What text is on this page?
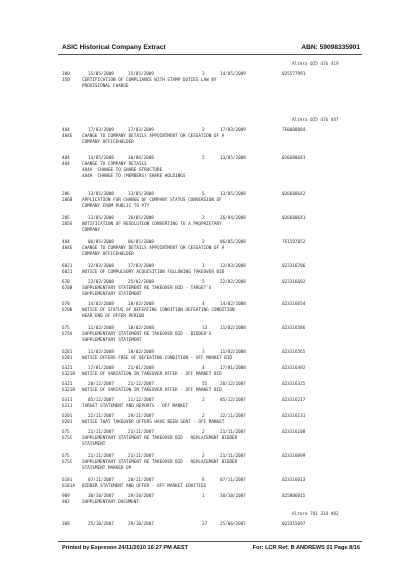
ASIC Historical Company Extract	ABN: 59098335901
Altera 025 476 419
Altera 025 476 447
Altera 701 334 482
300	15/05/2009	15/05/2009	3	14/05/2009	025577991
350	CERTIFICATION OF COMPLIANCE WITH STAMP DUTIES LAW BY
PROVISIONAL CHARGE
484	17/03/2009	17/03/2009	2	17/03/2009	7E0088884
484E CHANGE TO COMPANY DETAILS APPOINTMENT OR CESSATION OF A
COMPANY OFFICEHOLDER
484	13/05/2008	30/06/2008	5	13/05/2008	026680643
484	CHANGE TO COMPANY DETAILS
484A  CHANGE TO SHARE STRUCTURE
484H  CHANGE TO (MEMBERS) SHARE HOLDINGS
206	13/05/2008	13/05/2008	5	13/05/2008	026680642
206B APPLICATION FOR CHANGE OF COMPANY STATUS CONVERSION OF
COMPANY FROM PUBLIC TO PTY
205	13/05/2008	26/05/2008	2	26/04/2008	026680641
205G NOTIFICATION OF RESOLUTION CONVERTING TO A PROPRIETARY
COMPANY
484	06/05/2008	06/05/2008	2	06/05/2008	7E1597052
484E CHANGE TO COMPANY DETAILS APPOINTMENT OR CESSATION OF A
COMPANY OFFICEHOLDER
6021	12/03/2008	17/03/2008	1	12/03/2008	023316786
6021 NOTICE OF COMPULSORY ACQUISITION FOLLOWING TAKEOVER BID
670	22/02/2008	25/02/2008	5	22/02/2008	023316692
670B SUPPLEMENTARY STATEMENT RE TAKEOVER BID - TARGET'S
SUPPLEMENTARY STATEMENT
670	14/02/2008	18/02/2008	4	14/02/2008	023316654
670B NOTICE OF STATUS OF DEFEATING CONDITION DEFEATING CONDITION
HEAR END OF OFFER PERIOD
675	11/02/2008	18/02/2008	13	11/02/2008	023316586
675A SUPPLEMENTARY STATEMENT RE TAKEOVER BID - BIDDER'S
SUPPLEMENTARY STATEMENT
6281	11/02/2008	18/02/2008	3	11/02/2008	023316565
6281 NOTICE OFFERS FREE OF DEFEATING CONDITION - OFF MARKET BID
6321	17/01/2008	21/01/2008	4	17/01/2008	023316492
6321B NOTICE OF VARIATION IN TAKEOVER OFFER - OFF MARKET BID
6321	20/12/2007	21/12/2007	55	20/12/2007	023316325
6321B NOTICE OF VARIATION IN TAKEOVER OFFER - OFF MARKET BID
6311	05/12/2007	11/12/2007	2	05/12/2007	023316217
6311 TARGET STATEMENT AND REPORTS - OFF MARKET
6201	22/11/2007	29/11/2007	2	22/11/2007	023316131
6201 NOTICE THAT TAKEOVER OFFERS HAVE BEEN SENT - OFF MARKET
675	21/11/2007	23/11/2007	2	21/11/2007	023316108
675C SUPPLEMENTARY STATEMENT RE TAKEOVER BID - REPLACEMENT BIDDER
STATEMENT
675	21/11/2007	23/11/2007	3	21/11/2007	023316099
675C SUPPLEMENTARY STATEMENT RE TAKEOVER BID - REPLACEMENT BIDDER
STATEMENT MARKED UP
6181	07/11/2007	20/11/2007	8	07/11/2007	023316013
6181A BIDDER STATEMENT AND OFFER - OFF MARKET EQUITIES
909	30/10/2007	29/10/2007	1	30/10/2007	025806815
902	SUPPLEMENTARY DOCUMENT
388	25/10/2007	29/10/2007	37	25/06/2007	023315697
Printed by Exprenon 24/11/2010 16:27 PM AEST	For: LCR Ref: B ANDREWS 01 Page 8/16
